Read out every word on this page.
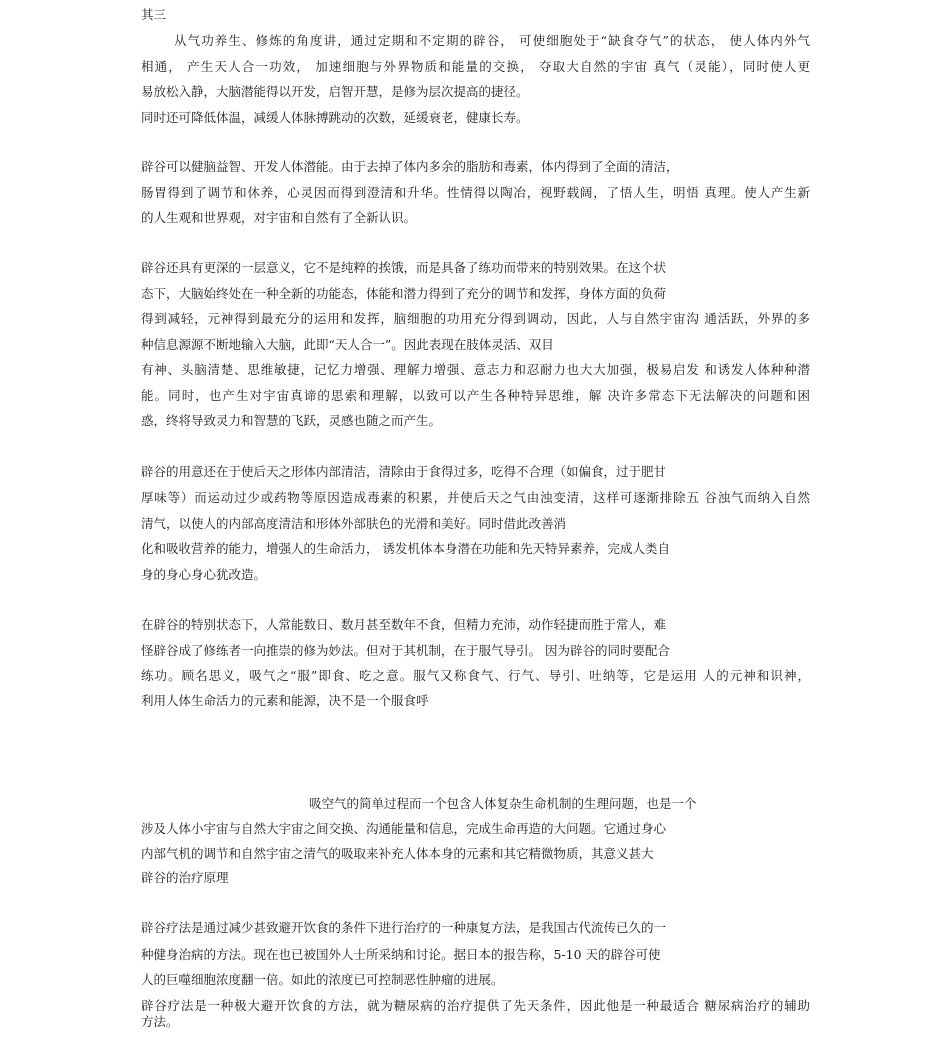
其三

从气功养生、修炼的角度讲，通过定期和不定期的辟谷， 可使细胞处于“缺食夺气”的状态， 使人体内外气

相通， 产生天人合一功效， 加速细胞与外界物质和能量的交换， 夺取大自然的宇宙 真气（灵能），同时使人更

易放松入静，大脑潜能得以开发，启智开慧，是修为层次提高的捷径。

同时还可降低体温，减缓人体脉搏跳动的次数，延缓衰老，健康长寿。

辟谷可以健脑益智、开发人体潜能。由于去掉了体内多余的脂肪和毒素，体内得到了全面的清洁，

肠胃得到了调节和休养，心灵因而得到澄清和升华。性情得以陶冶，视野载阔，了悟人生，明悟 真理。使人产生新

的人生观和世界观，对宇宙和自然有了全新认识。

辟谷还具有更深的一层意义，它不是纯粹的挨饿，而是具备了练功而带来的特别效果。在这个状

态下，大脑始终处在一种全新的功能态，体能和潜力得到了充分的调节和发挥，身体方面的负荷

得到减轻，元神得到最充分的运用和发挥，脑细胞的功用充分得到调动，因此，人与自然宇宙沟 通活跃，外界的多

种信息源源不断地输入大脑，此即“天人合一”。因此表现在肢体灵活、双目

有神、头脑清楚、思维敏捷，记忆力增强、理解力增强、意志力和忍耐力也大大加强，极易启发 和诱发人体种种潜

能。同时，也产生对宇宙真谛的思索和理解，以致可以产生各种特异思维，解 决许多常态下无法解决的问题和困

惑，终将导致灵力和智慧的飞跃，灵感也随之而产生。

辟谷的用意还在于使后天之形体内部清洁，清除由于食得过多，吃得不合理（如偏食，过于肥甘

厚味等）而运动过少或药物等原因造成毒素的积累，并使后天之气由浊变清，这样可逐渐排除五 谷浊气而纳入自然

清气，以使人的内部高度清洁和形体外部肤色的光滑和美好。同时借此改善消

化和吸收营养的能力，增强人的生命活力， 诱发机体本身潜在功能和先天特异素养，完成人类自

身的身心身心犹改造。

在辟谷的特别状态下，人常能数日、数月甚至数年不食，但精力充沛，动作轻捷而胜于常人，难

怪辟谷成了修练者一向推崇的修为妙法。但对于其机制，在于服气导引。 因为辟谷的同时要配合

练功。顾名思义，吸气之“服”即食、吃之意。服气又称食气、行气、导引、吐纳等，它是运用 人的元神和识神，

利用人体生命活力的元素和能源，决不是一个服食呼

吸空气的简单过程而一个包含人体复杂生命机制的生理问题，也是一个

涉及人体小宇宙与自然大宇宙之间交换、沟通能量和信息，完成生命再造的大问题。它通过身心

内部气机的调节和自然宇宙之清气的吸取来补充人体本身的元素和其它精微物质，其意义甚大

辟谷的治疗原理

辟谷疗法是通过减少甚致避开饮食的条件下进行治疗的一种康复方法，是我国古代流传已久的一

种健身治病的方法。现在也已被国外人士所采纳和讨论。据日本的报告称，5-10 天的辟谷可使

人的巨噬细胞浓度翻一倍。如此的浓度已可控制恶性肿瘤的进展。

辟谷疗法是一种极大避开饮食的方法，就为糖尿病的治疗提供了先天条件，因此他是一种最适合 糖尿病治疗的辅助

方法。
